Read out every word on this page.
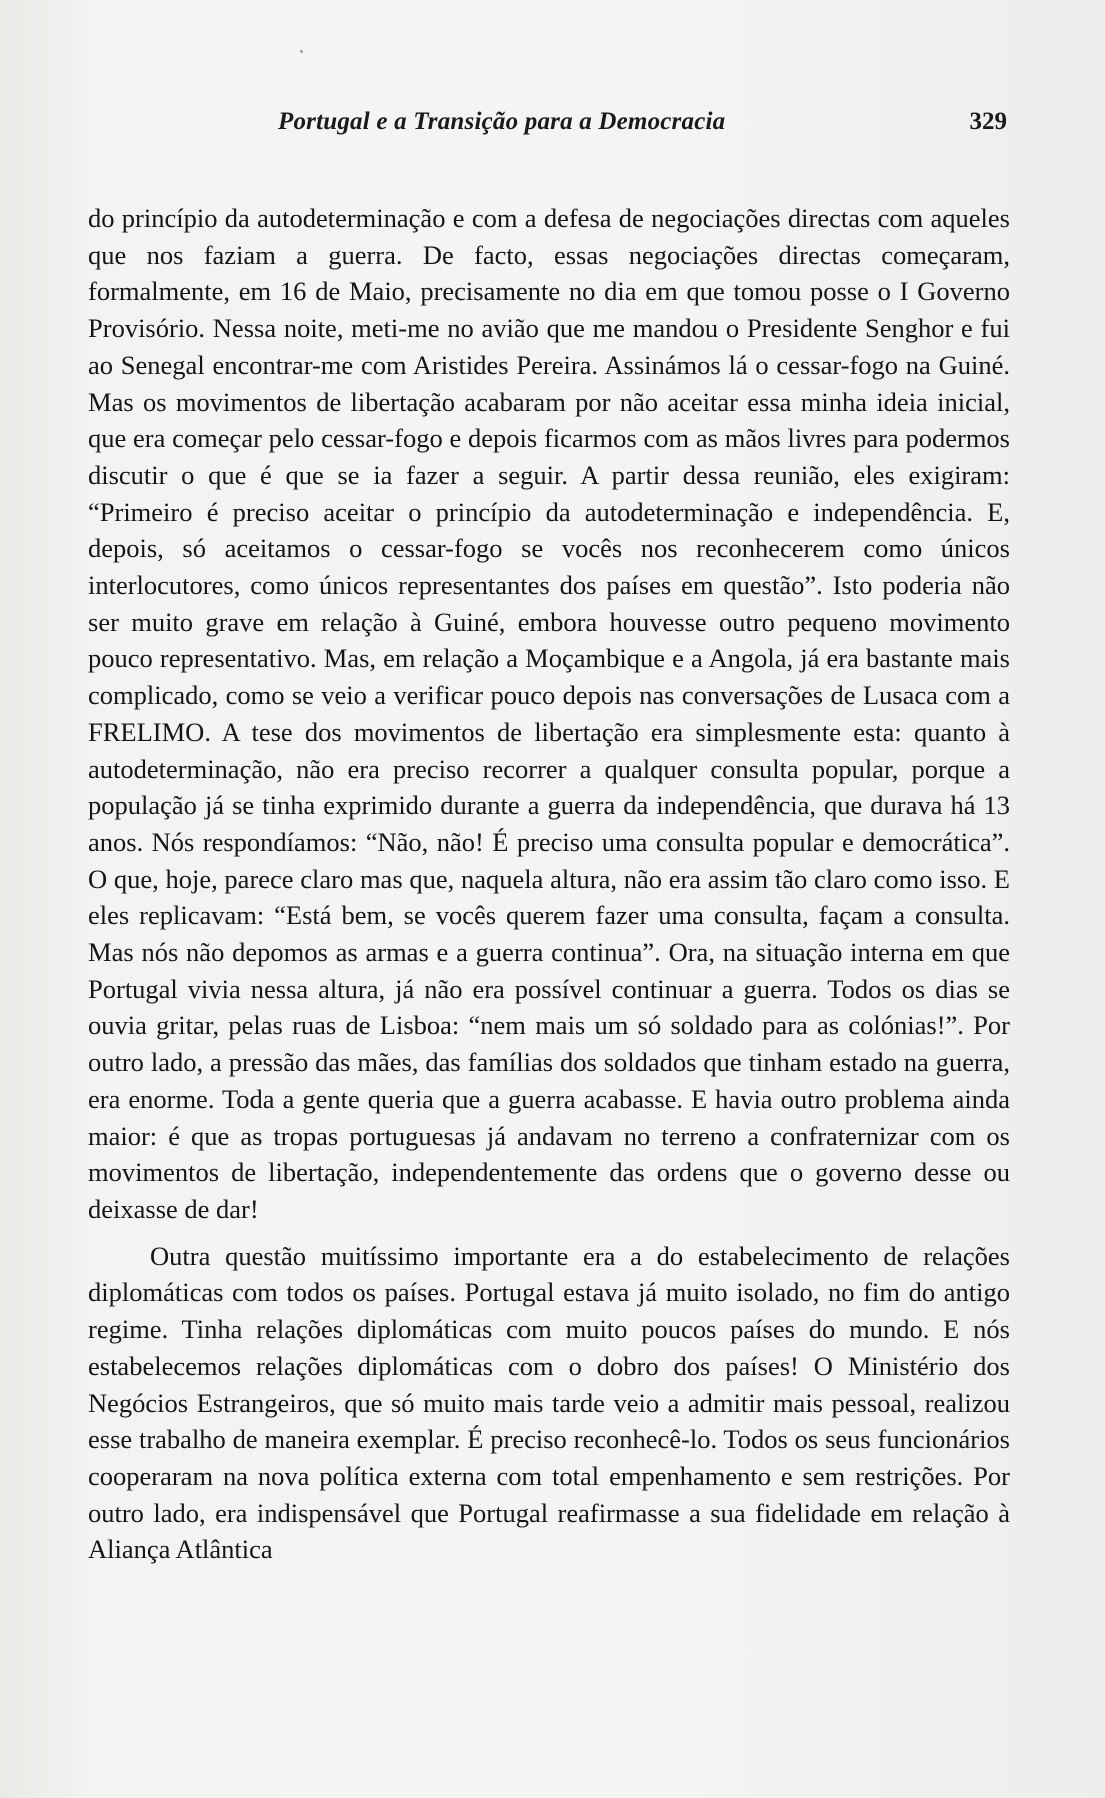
Portugal e a Transição para a Democracia	329

do princípio da autodeterminação e com a defesa de negociações directas com aqueles que nos faziam a guerra. De facto, essas negociações directas começaram, formalmente, em 16 de Maio, precisamente no dia em que tomou posse o I Governo Provisório. Nessa noite, meti-me no avião que me mandou o Presidente Senghor e fui ao Senegal encontrar-me com Aristides Pereira. Assinámos lá o cessar-fogo na Guiné. Mas os movimentos de libertação acabaram por não aceitar essa minha ideia inicial, que era começar pelo cessar-fogo e depois ficarmos com as mãos livres para podermos discutir o que é que se ia fazer a seguir. A partir dessa reunião, eles exigiram: “Primeiro é preciso aceitar o princípio da autodeterminação e independência. E, depois, só aceitamos o cessar-fogo se vocês nos reconhecerem como únicos interlocutores, como únicos representantes dos países em questão”. Isto poderia não ser muito grave em relação à Guiné, embora houvesse outro pequeno movimento pouco representativo. Mas, em relação a Moçambique e a Angola, já era bastante mais complicado, como se veio a verificar pouco depois nas conversações de Lusaca com a FRELIMO. A tese dos movimentos de libertação era simplesmente esta: quanto à autodeterminação, não era preciso recorrer a qualquer consulta popular, porque a população já se tinha exprimido durante a guerra da independência, que durava há 13 anos. Nós respondíamos: “Não, não! É preciso uma consulta popular e democrática”. O que, hoje, parece claro mas que, naquela altura, não era assim tão claro como isso. E eles replicavam: “Está bem, se vocês querem fazer uma consulta, façam a consulta. Mas nós não depomos as armas e a guerra continua”. Ora, na situação interna em que Portugal vivia nessa altura, já não era possível continuar a guerra. Todos os dias se ouvia gritar, pelas ruas de Lisboa: “nem mais um só soldado para as colónias!”. Por outro lado, a pressão das mães, das famílias dos soldados que tinham estado na guerra, era enorme. Toda a gente queria que a guerra acabasse. E havia outro problema ainda maior: é que as tropas portuguesas já andavam no terreno a confraternizar com os movimentos de libertação, independentemente das ordens que o governo desse ou deixasse de dar!

Outra questão muitíssimo importante era a do estabelecimento de relações diplomáticas com todos os países. Portugal estava já muito isolado, no fim do antigo regime. Tinha relações diplomáticas com muito poucos países do mundo. E nós estabelecemos relações diplomáticas com o dobro dos países! O Ministério dos Negócios Estrangeiros, que só muito mais tarde veio a admitir mais pessoal, realizou esse trabalho de maneira exemplar. É preciso reconhecê-lo. Todos os seus funcionários cooperaram na nova política externa com total empenhamento e sem restrições. Por outro lado, era indispensável que Portugal reafirmasse a sua fidelidade em relação à Aliança Atlântica
